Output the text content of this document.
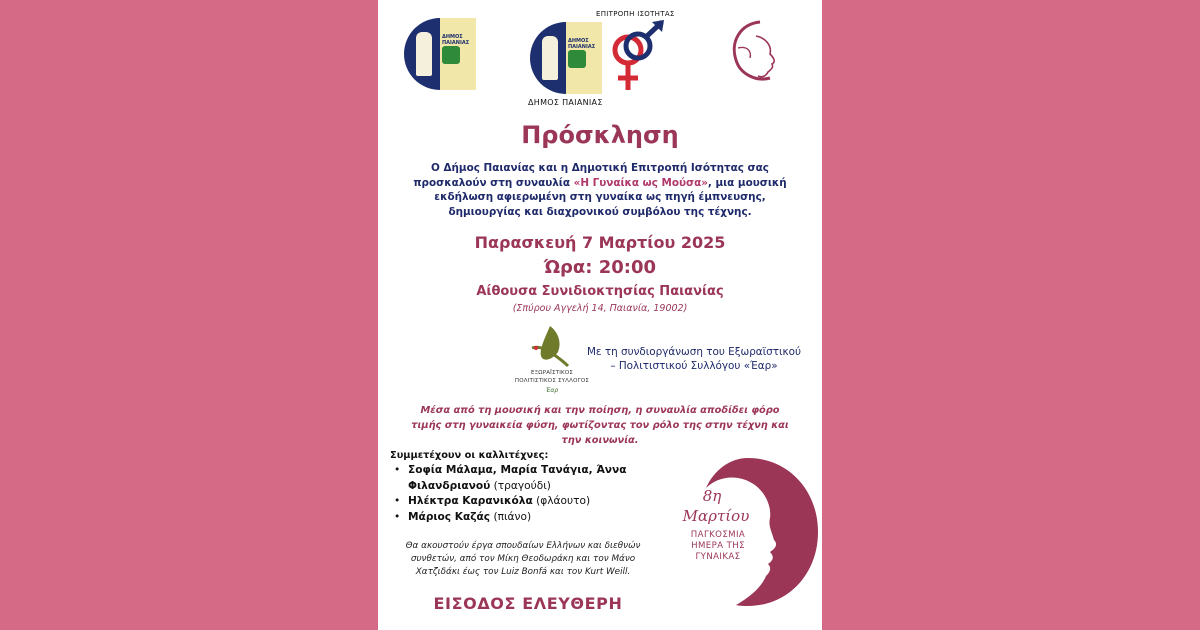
ΔΗΜΟΣ ΠΑΙΑΝΙΑΣ	ΔΗΜΟΣ ΠΑΙΑΝΙΑΣ
ΕΠΙΤΡΟΠΗ ΙΣΟΤΗΤΑΣ
ΔΗΜΟΣ ΠΑΙΑΝΙΑΣ
Πρόσκληση
Ο Δήμος Παιανίας και η Δημοτική Επιτροπή Ισότητας σας προσκαλούν στη συναυλία «Η Γυναίκα ως Μούσα», μια μουσική εκδήλωση αφιερωμένη στη γυναίκα ως πηγή έμπνευσης, δημιουργίας και διαχρονικού συμβόλου της τέχνης.
Παρασκευή 7 Μαρτίου 2025
Ώρα: 20:00
Αίθουσα Συνιδιοκτησίας Παιανίας
(Σπύρου Αγγελή 14, Παιανία, 19002)
ΕΞΩΡΑΪΣΤΙΚΟΣ
ΠΟΛΙΤΙΣΤΙΚΟΣ ΣΥΛΛΟΓΟΣ
Έαρ
Με τη συνδιοργάνωση του Εξωραϊστικού
– Πολιτιστικού Συλλόγου «Έαρ»
Μέσα από τη μουσική και την ποίηση, η συναυλία αποδίδει φόρο τιμής στη γυναικεία φύση, φωτίζοντας τον ρόλο της στην τέχνη και την κοινωνία.
Συμμετέχουν οι καλλιτέχνες:
• Σοφία Μάλαμα, Μαρία Τανάγια, Άννα
Φιλανδριανού (τραγούδι)
• Ηλέκτρα Καρανικόλα (φλάουτο)
• Μάριος Καζάς (πιάνο)
Θα ακουστούν έργα σπουδαίων Ελλήνων και διεθνών συνθετών, από τον Μίκη Θεοδωράκη και τον Μάνο Χατζιδάκι έως τον Luiz Bonfá και τον Kurt Weill.
ΕΙΣΟΔΟΣ ΕΛΕΥΘΕΡΗ
8η
Μαρτίου
ΠΑΓΚΟΣΜΙΑ
ΗΜΕΡΑ ΤΗΣ
ΓΥΝΑΙΚΑΣ
